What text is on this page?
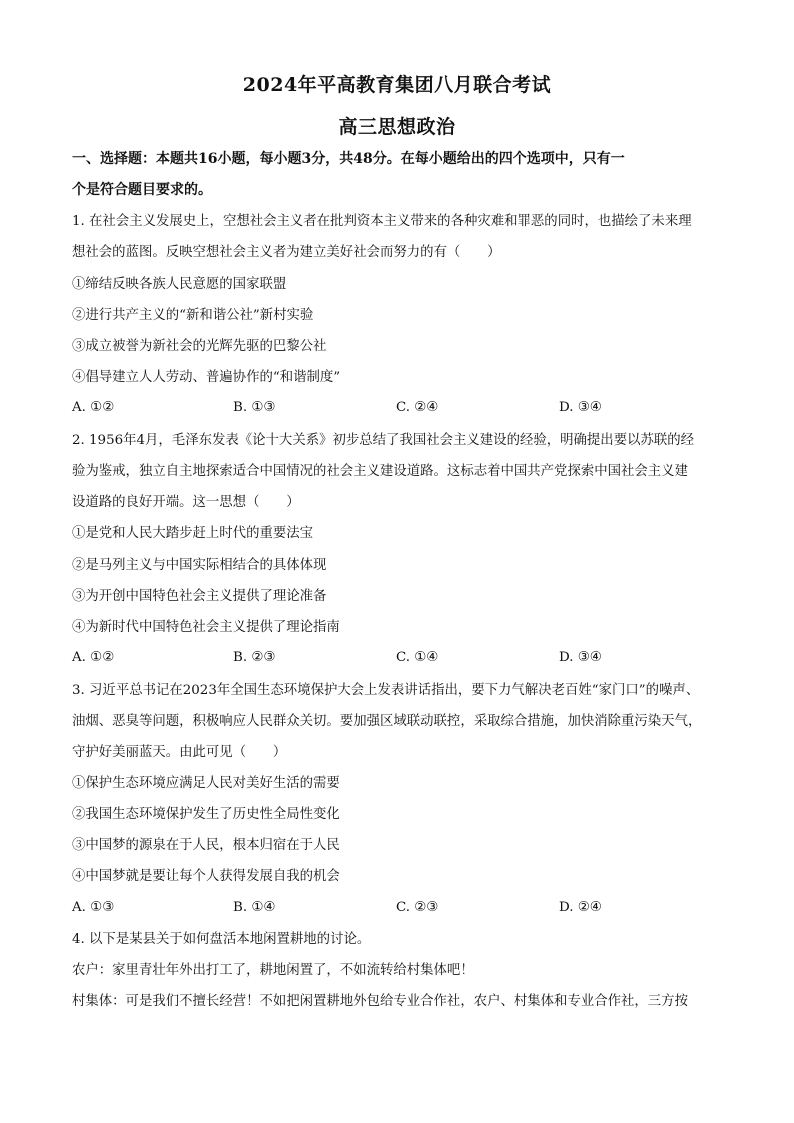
2024年平高教育集团八月联合考试
高三思想政治
一、选择题：本题共16小题，每小题3分，共48分。在每小题给出的四个选项中，只有一
个是符合题目要求的。
1. 在社会主义发展史上，空想社会主义者在批判资本主义带来的各种灾难和罪恶的同时，也描绘了未来理
想社会的蓝图。反映空想社会主义者为建立美好社会而努力的有（　　）
①缔结反映各族人民意愿的国家联盟
②进行共产主义的“新和谐公社”新村实验
③成立被誉为新社会的光辉先驱的巴黎公社
④倡导建立人人劳动、普遍协作的“和谐制度”
A. ①②	B. ①③	C. ②④	D. ③④
2. 1956年4月，毛泽东发表《论十大关系》初步总结了我国社会主义建设的经验，明确提出要以苏联的经
验为鉴戒，独立自主地探索适合中国情况的社会主义建设道路。这标志着中国共产党探索中国社会主义建
设道路的良好开端。这一思想（　　）
①是党和人民大踏步赶上时代的重要法宝
②是马列主义与中国实际相结合的具体体现
③为开创中国特色社会主义提供了理论准备
④为新时代中国特色社会主义提供了理论指南
A. ①②	B. ②③	C. ①④	D. ③④
3. 习近平总书记在2023年全国生态环境保护大会上发表讲话指出，要下力气解决老百姓“家门口”的噪声、
油烟、恶臭等问题，积极响应人民群众关切。要加强区域联动联控，采取综合措施，加快消除重污染天气，
守护好美丽蓝天。由此可见（　　）
①保护生态环境应满足人民对美好生活的需要
②我国生态环境保护发生了历史性全局性变化
③中国梦的源泉在于人民，根本归宿在于人民
④中国梦就是要让每个人获得发展自我的机会
A. ①③	B. ①④	C. ②③	D. ②④
4. 以下是某县关于如何盘活本地闲置耕地的讨论。
农户：家里青壮年外出打工了，耕地闲置了，不如流转给村集体吧！
村集体：可是我们不擅长经营！不如把闲置耕地外包给专业合作社，农户、村集体和专业合作社，三方按
